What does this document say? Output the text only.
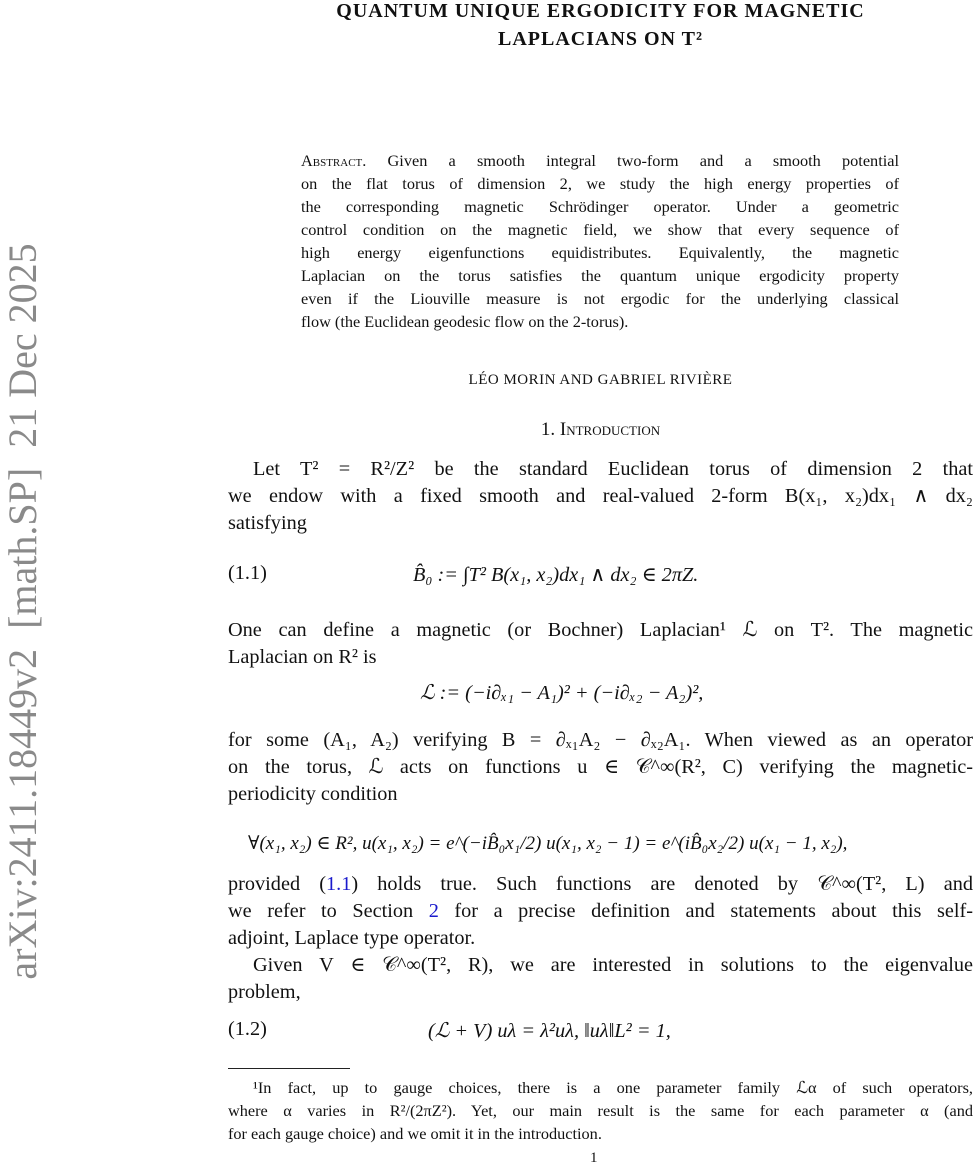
arXiv:2411.18449v2  [math.SP]  21 Dec 2025
QUANTUM UNIQUE ERGODICITY FOR MAGNETIC
LAPLACIANS ON T²
LÉO MORIN AND GABRIEL RIVIÈRE
Abstract. Given a smooth integral two-form and a smooth potential
on the flat torus of dimension 2, we study the high energy properties of
the corresponding magnetic Schrödinger operator. Under a geometric
control condition on the magnetic field, we show that every sequence of
high energy eigenfunctions equidistributes. Equivalently, the magnetic
Laplacian on the torus satisfies the quantum unique ergodicity property
even if the Liouville measure is not ergodic for the underlying classical
flow (the Euclidean geodesic flow on the 2-torus).
1. Introduction
Let T² = R²/Z² be the standard Euclidean torus of dimension 2 that
we endow with a fixed smooth and real-valued 2-form B(x₁, x₂)dx₁ ∧ dx₂
satisfying
(1.1)	B̂₀ := ∫T² B(x₁, x₂)dx₁ ∧ dx₂ ∈ 2πZ.
One can define a magnetic (or Bochner) Laplacian¹ ℒ on T². The magnetic
Laplacian on R² is
ℒ := (−i∂ₓ₁ − A₁)² + (−i∂ₓ₂ − A₂)²,
for some (A₁, A₂) verifying B = ∂ₓ₁A₂ − ∂ₓ₂A₁. When viewed as an operator
on the torus, ℒ acts on functions u ∈ 𝒞^∞(R², C) verifying the magnetic-
periodicity condition
∀(x₁, x₂) ∈ R², u(x₁, x₂) = e^(−iB̂₀x₁/2) u(x₁, x₂ − 1) = e^(iB̂₀x₂/2) u(x₁ − 1, x₂),
provided (1.1) holds true. Such functions are denoted by 𝒞^∞(T², L) and
we refer to Section 2 for a precise definition and statements about this self-
adjoint, Laplace type operator.
Given V ∈ 𝒞^∞(T², R), we are interested in solutions to the eigenvalue
problem,
(1.2)	(ℒ + V) uλ = λ²uλ, ‖uλ‖L² = 1,
¹In fact, up to gauge choices, there is a one parameter family ℒα of such operators,
where α varies in R²/(2πZ²). Yet, our main result is the same for each parameter α (and
for each gauge choice) and we omit it in the introduction.
1
